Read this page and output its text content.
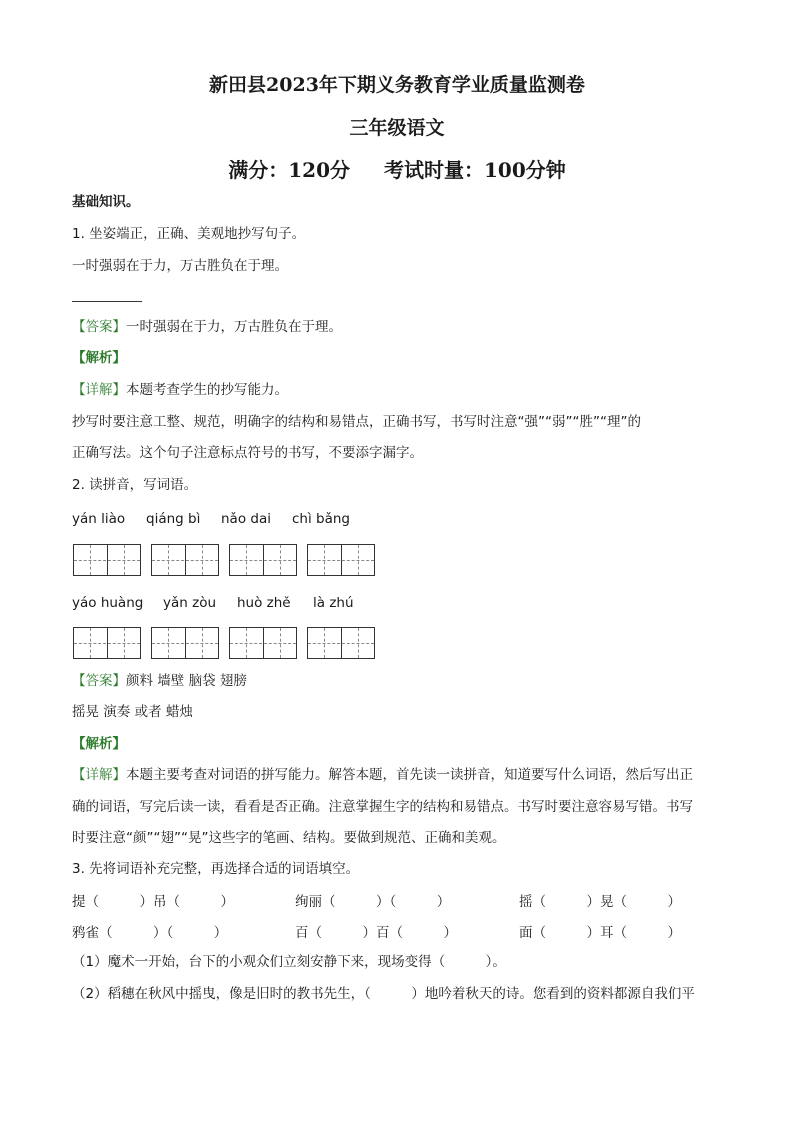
新田县2023年下期义务教育学业质量监测卷
三年级语文
满分：120分 考试时量：100分钟
基础知识。
1. 坐姿端正，正确、美观地抄写句子。
一时强弱在于力，万古胜负在于理。
【答案】一时强弱在于力，万古胜负在于理。
【解析】
【详解】本题考查学生的抄写能力。
抄写时要注意工整、规范，明确字的结构和易错点，正确书写，书写时注意“强”“弱”“胜”“理”的
正确写法。这个句子注意标点符号的书写，不要添字漏字。
2. 读拼音，写词语。
yán liào qiáng bì nǎo dai chì bǎng
yáo huàng yǎn zòu huò zhě là zhú
【答案】颜料 墙壁 脑袋 翅膀
摇晃 演奏 或者 蜡烛
【解析】
【详解】本题主要考查对词语的拼写能力。解答本题，首先读一读拼音，知道要写什么词语，然后写出正
确的词语，写完后读一读，看看是否正确。注意掌握生字的结构和易错点。书写时要注意容易写错。书写
时要注意“颜”“翅”“晃”这些字的笔画、结构。要做到规范、正确和美观。
3. 先将词语补充完整，再选择合适的词语填空。
提（　　　）吊（　　　）	绚丽（　　　）（　　　）	摇（　　　）晃（　　　）
鸦雀（　　　）（　　　）	百（　　　）百（　　　）	面（　　　）耳（　　　）
（1）魔术一开始，台下的小观众们立刻安静下来，现场变得（　　　）。
（2）稻穗在秋风中摇曳，像是旧时的教书先生，（　　　）地吟着秋天的诗。您看到的资料都源自我们平
